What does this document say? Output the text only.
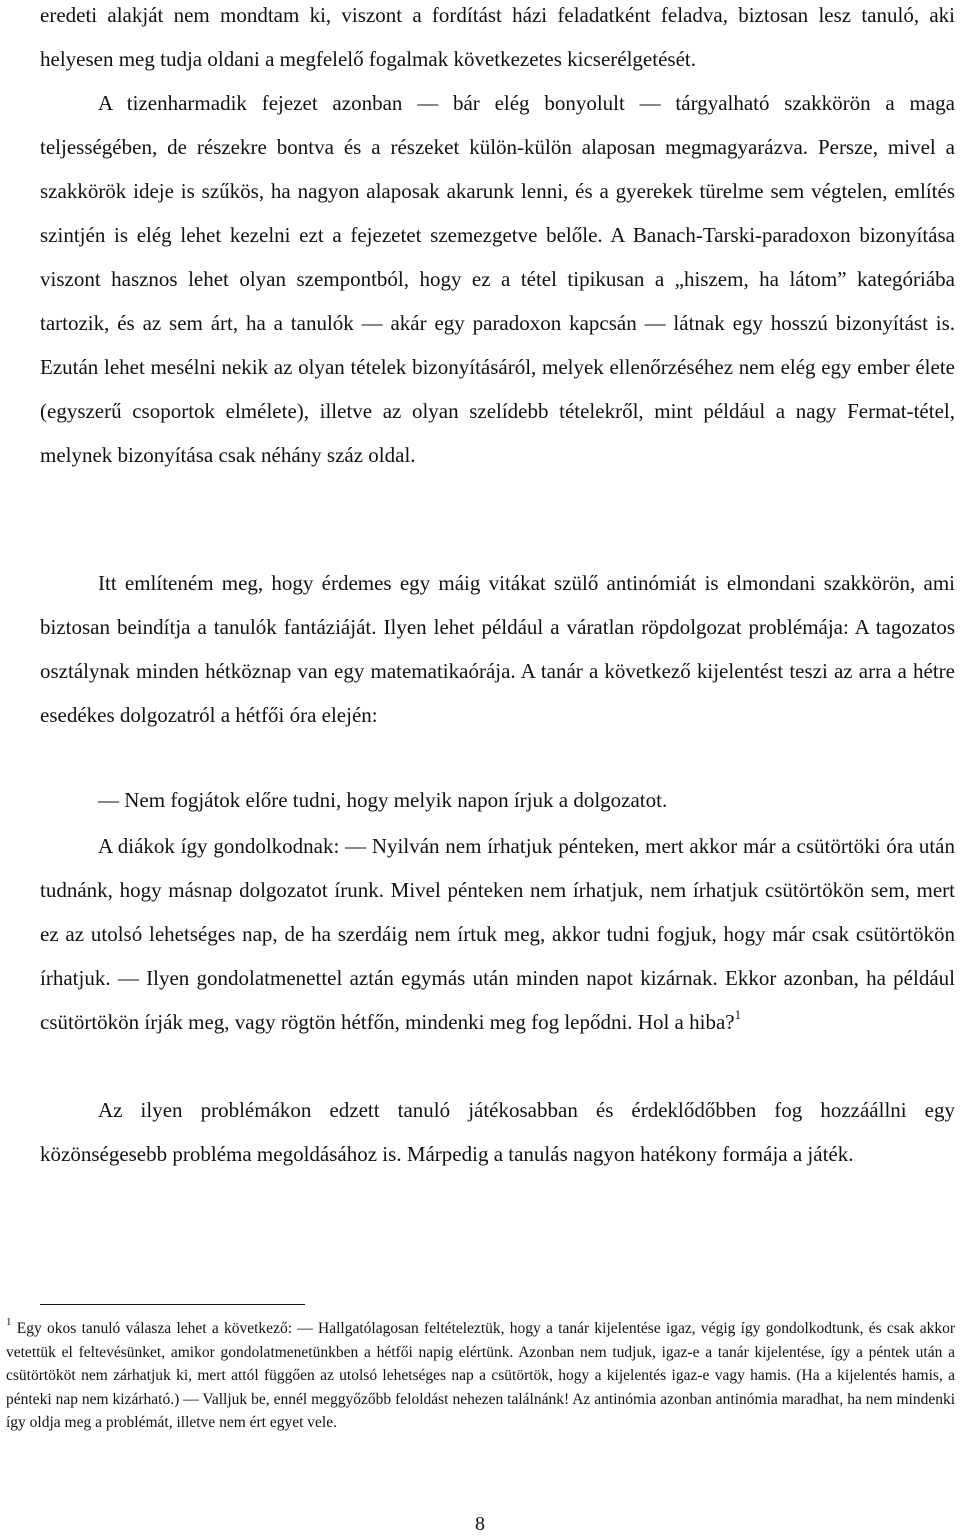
eredeti alakját nem mondtam ki, viszont a fordítást házi feladatként feladva, biztosan lesz tanuló, aki helyesen meg tudja oldani a megfelelő fogalmak következetes kicserélgetését.
A tizenharmadik fejezet azonban — bár elég bonyolult — tárgyalható szakkörön a maga teljességében, de részekre bontva és a részeket külön-külön alaposan megmagyarázva. Persze, mivel a szakkörök ideje is szűkös, ha nagyon alaposak akarunk lenni, és a gyerekek türelme sem végtelen, említés szintjén is elég lehet kezelni ezt a fejezetet szemezgetve belőle. A Banach-Tarski-paradoxon bizonyítása viszont hasznos lehet olyan szempontból, hogy ez a tétel tipikusan a „hiszem, ha látom” kategóriába tartozik, és az sem árt, ha a tanulók — akár egy paradoxon kapcsán — látnak egy hosszú bizonyítást is. Ezután lehet mesélni nekik az olyan tételek bizonyításáról, melyek ellenőrzéséhez nem elég egy ember élete (egyszerű csoportok elmélete), illetve az olyan szelídebb tételekről, mint például a nagy Fermat-tétel, melynek bizonyítása csak néhány száz oldal.

Itt említeném meg, hogy érdemes egy máig vitákat szülő antinómiát is elmondani szakkörön, ami biztosan beindítja a tanulók fantáziáját. Ilyen lehet például a váratlan röpdolgozat problémája: A tagozatos osztálynak minden hétköznap van egy matematikaórája. A tanár a következő kijelentést teszi az arra a hétre esedékes dolgozatról a hétfői óra elején:

— Nem fogjátok előre tudni, hogy melyik napon írjuk a dolgozatot.

A diákok így gondolkodnak: — Nyilván nem írhatjuk pénteken, mert akkor már a csütörtöki óra után tudnánk, hogy másnap dolgozatot írunk. Mivel pénteken nem írhatjuk, nem írhatjuk csütörtökön sem, mert ez az utolsó lehetséges nap, de ha szerdáig nem írtuk meg, akkor tudni fogjuk, hogy már csak csütörtökön írhatjuk. — Ilyen gondolatmenettel aztán egymás után minden napot kizárnak. Ekkor azonban, ha például csütörtökön írják meg, vagy rögtön hétfőn, mindenki meg fog lepődni. Hol a hiba?$^1$

Az ilyen problémákon edzett tanuló játékosabban és érdeklődőbben fog hozzáállni egy közönségesebb probléma megoldásához is. Márpedig a tanulás nagyon hatékony formája a játék.

$^1$ Egy okos tanuló válasza lehet a következő: — Hallgatólagosan feltételeztük, hogy a tanár kijelentése igaz, végig így gondolkodtunk, és csak akkor vetettük el feltevésünket, amikor gondolatmenetünkben a hétfői napig elértünk. Azonban nem tudjuk, igaz-e a tanár kijelentése, így a péntek után a csütörtököt nem zárhatjuk ki, mert attól függően az utolsó lehetséges nap a csütörtök, hogy a kijelentés igaz-e vagy hamis. (Ha a kijelentés hamis, a pénteki nap nem kizárható.) — Valljuk be, ennél meggyőzőbb feloldást nehezen találnánk! Az antinómia azonban antinómia maradhat, ha nem mindenki így oldja meg a problémát, illetve nem ért egyet vele.

8
